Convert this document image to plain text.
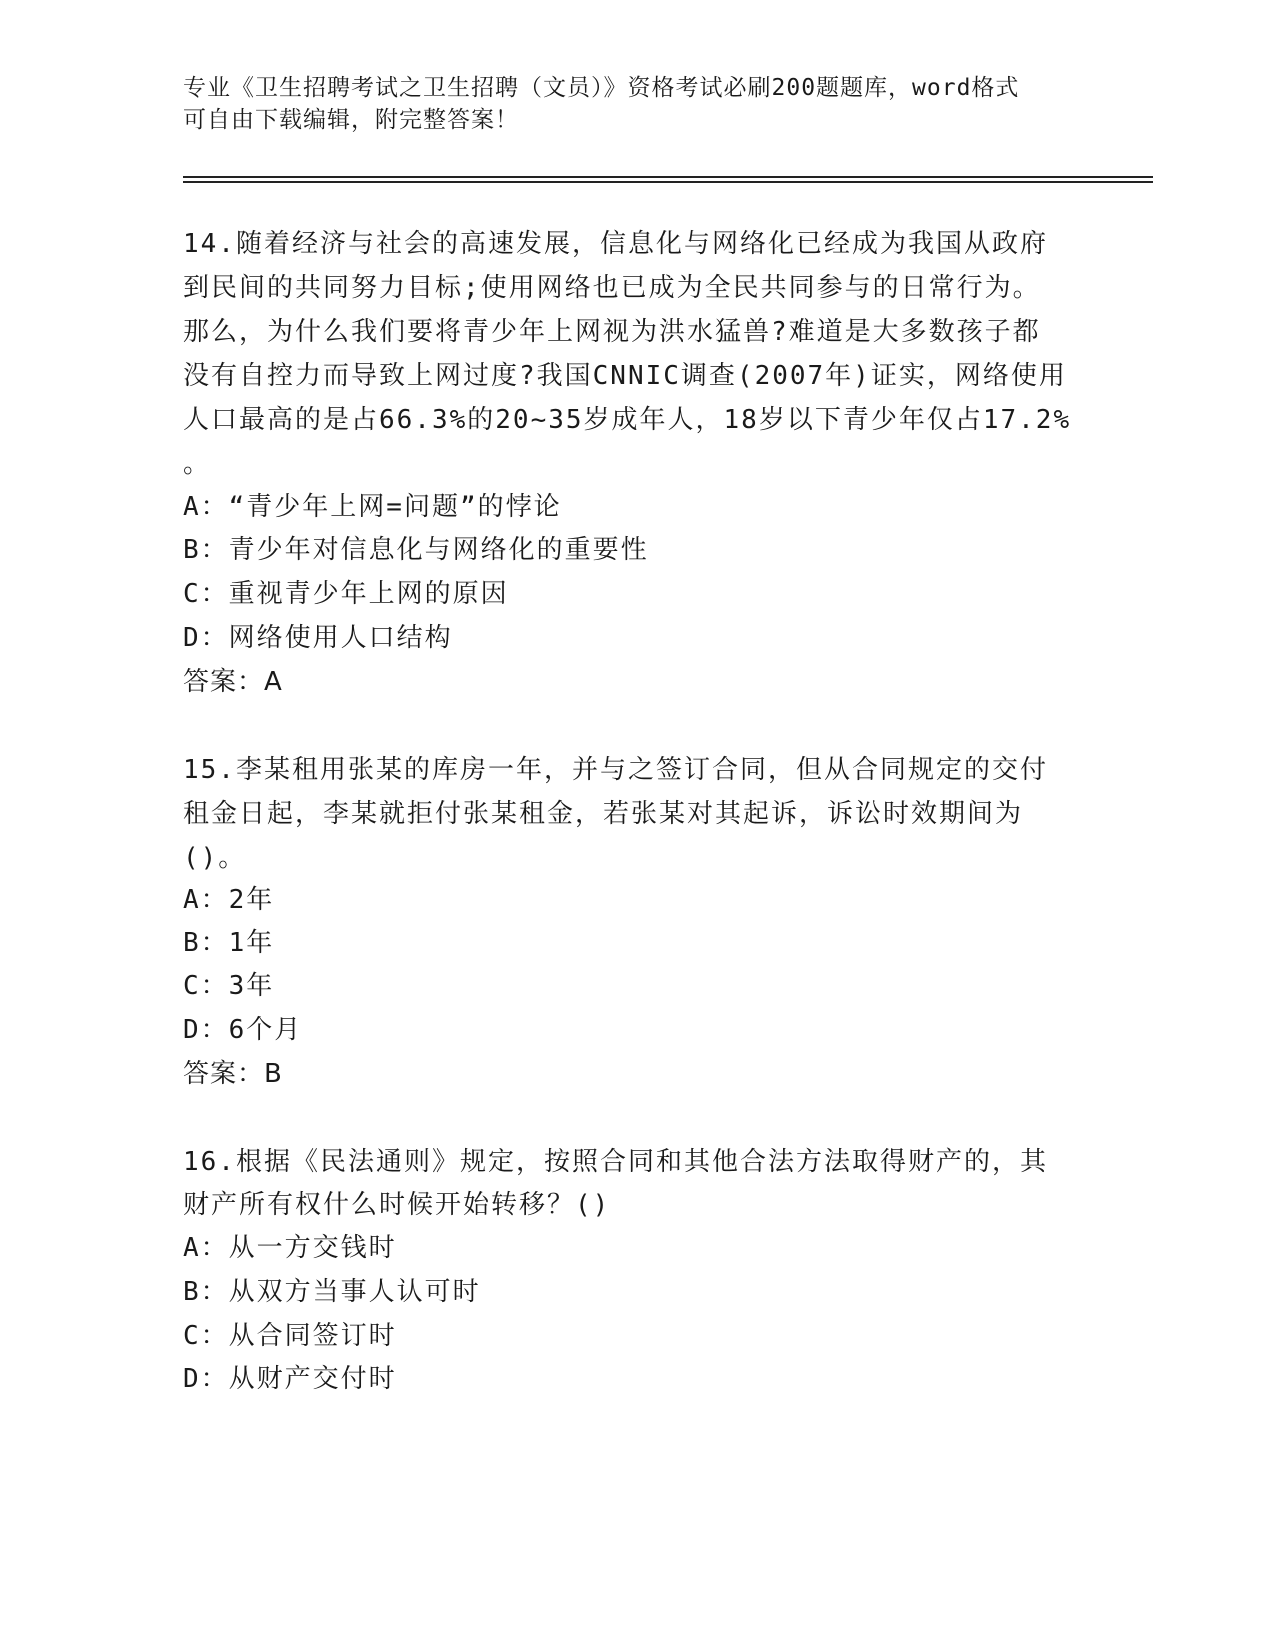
专业《卫生招聘考试之卫生招聘（文员）》资格考试必刷200题题库，word格式
可自由下载编辑，附完整答案！
14.随着经济与社会的高速发展，信息化与网络化已经成为我国从政府
到民间的共同努力目标;使用网络也已成为全民共同参与的日常行为。
那么，为什么我们要将青少年上网视为洪水猛兽?难道是大多数孩子都
没有自控力而导致上网过度?我国CNNIC调查(2007年)证实，网络使用
人口最高的是占66.3%的20~35岁成年人，18岁以下青少年仅占17.2%
。
A：“青少年上网=问题”的悖论
B：青少年对信息化与网络化的重要性
C：重视青少年上网的原因
D：网络使用人口结构
答案：A
15.李某租用张某的库房一年，并与之签订合同，但从合同规定的交付
租金日起，李某就拒付张某租金，若张某对其起诉，诉讼时效期间为
()。
A：2年
B：1年
C：3年
D：6个月
答案：B
16.根据《民法通则》规定，按照合同和其他合法方法取得财产的，其
财产所有权什么时候开始转移？()
A：从一方交钱时
B：从双方当事人认可时
C：从合同签订时
D：从财产交付时
